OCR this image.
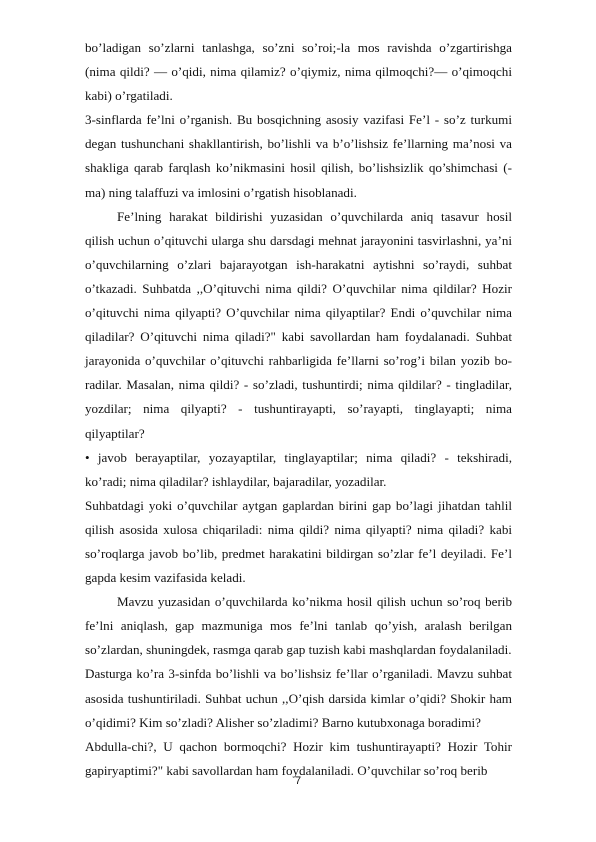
bo’ladigan so’zlarni tanlashga, so’zni so’roi;-la mos ravishda o’zgartirishga (nima qildi? — o’qidi, nima qilamiz? o’qiymiz, nima qilmoqchi?— o’qimoqchi kabi) o’rgatiladi.

3-sinflarda fe’lni o’rganish. Bu bosqichning asosiy vazifasi Fe’l - so’z turkumi degan tushunchani shakllantirish, bo’lishli va b’o’lishsiz fe’llarning ma’nosi va shakliga qarab farqlash ko’nikmasini hosil qilish, bo’lishsizlik qo’shimchasi (-ma) ning talaffuzi va imlosini o’rgatish hisoblanadi.

Fe’lning harakat bildirishi yuzasidan o’quvchilarda aniq tasavur hosil qilish uchun o’qituvchi ularga shu darsdagi mehnat jarayonini tasvirlashni, ya’ni o’quvchilarning o’zlari bajarayotgan ish-harakatni aytishni so’raydi, suhbat o’tkazadi. Suhbatda ,,O’qituvchi nima qildi? O’quvchilar nima qildilar? Hozir o’qituvchi nima qilyapti? O’quvchilar nima qilyaptilar? Endi o’quvchilar nima qiladilar? O’qituvchi nima qiladi?" kabi savollardan ham foydalanadi. Suhbat jarayonida o’quvchilar o’qituvchi rahbarligida fe’llarni so’rog’i bilan yozib bo-radilar. Masalan, nima qildi? - so’zladi, tushuntirdi; nima qildilar? - tingladilar, yozdilar; nima qilyapti? - tushuntirayapti, so’rayapti, tinglayapti; nima qilyaptilar?

• javob berayaptilar, yozayaptilar, tinglayaptilar; nima qiladi? - tekshiradi, ko’radi; nima qiladilar? ishlaydilar, bajaradilar, yozadilar.

Suhbatdagi yoki o’quvchilar aytgan gaplardan birini gap bo’lagi jihatdan tahlil qilish asosida xulosa chiqariladi: nima qildi? nima qilyapti? nima qiladi? kabi so’roqlarga javob bo’lib, predmet harakatini bildirgan so’zlar fe’l deyiladi. Fe’l gapda kesim vazifasida keladi.

Mavzu yuzasidan o’quvchilarda ko’nikma hosil qilish uchun so’roq berib fe’lni aniqlash, gap mazmuniga mos fe’lni tanlab qo’yish, aralash berilgan so’zlardan, shuningdek, rasmga qarab gap tuzish kabi mashqlardan foydalaniladi.

Dasturga ko’ra 3-sinfda bo’lishli va bo’lishsiz fe’llar o’rganiladi. Mavzu suhbat asosida tushuntiriladi. Suhbat uchun ,,O’qish darsida kimlar o’qidi? Shokir ham o’qidimi? Kim so’zladi? Alisher so’zladimi? Barno kutubxonaga boradimi?

Abdulla-chi?, U qachon bormoqchi? Hozir kim tushuntirayapti? Hozir Tohir gapiryaptimi?" kabi savollardan ham foydalaniladi. O’quvchilar so’roq berib

7
